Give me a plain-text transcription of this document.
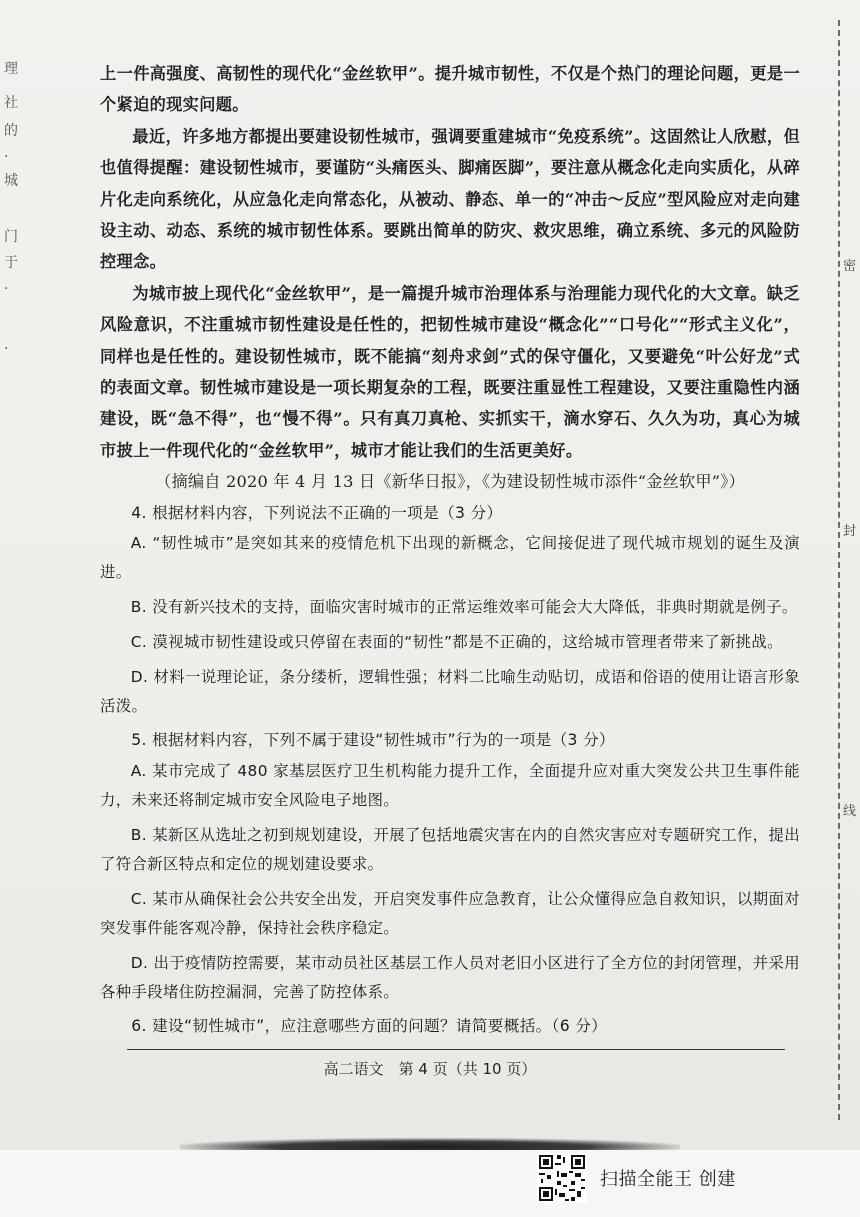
理
社
的
·
城
门
于
·
·
密
封
线

上一件高强度、高韧性的现代化“金丝软甲”。提升城市韧性，不仅是个热门的理论问题，更是一个紧迫的现实问题。

最近，许多地方都提出要建设韧性城市，强调要重建城市“免疫系统”。这固然让人欣慰，但也值得提醒：建设韧性城市，要谨防“头痛医头、脚痛医脚”，要注意从概念化走向实质化，从碎片化走向系统化，从应急化走向常态化，从被动、静态、单一的“冲击～反应”型风险应对走向建设主动、动态、系统的城市韧性体系。要跳出简单的防灾、救灾思维，确立系统、多元的风险防控理念。

为城市披上现代化“金丝软甲”，是一篇提升城市治理体系与治理能力现代化的大文章。缺乏风险意识，不注重城市韧性建设是任性的，把韧性城市建设“概念化”“口号化”“形式主义化”，同样也是任性的。建设韧性城市，既不能搞“刻舟求剑”式的保守僵化，又要避免“叶公好龙”式的表面文章。韧性城市建设是一项长期复杂的工程，既要注重显性工程建设，又要注重隐性内涵建设，既“急不得”，也“慢不得”。只有真刀真枪、实抓实干，滴水穿石、久久为功，真心为城市披上一件现代化的“金丝软甲”，城市才能让我们的生活更美好。

（摘编自 2020 年 4 月 13 日《新华日报》，《为建设韧性城市添件“金丝软甲”》）

4. 根据材料内容，下列说法不正确的一项是（3 分）

A. “韧性城市”是突如其来的疫情危机下出现的新概念，它间接促进了现代城市规划的诞生及演进。

B. 没有新兴技术的支持，面临灾害时城市的正常运维效率可能会大大降低，非典时期就是例子。

C. 漠视城市韧性建设或只停留在表面的“韧性”都是不正确的，这给城市管理者带来了新挑战。

D. 材料一说理论证，条分缕析，逻辑性强；材料二比喻生动贴切，成语和俗语的使用让语言形象活泼。

5. 根据材料内容，下列不属于建设“韧性城市”行为的一项是（3 分）

A. 某市完成了 480 家基层医疗卫生机构能力提升工作，全面提升应对重大突发公共卫生事件能力，未来还将制定城市安全风险电子地图。

B. 某新区从选址之初到规划建设，开展了包括地震灾害在内的自然灾害应对专题研究工作，提出了符合新区特点和定位的规划建设要求。

C. 某市从确保社会公共安全出发，开启突发事件应急教育，让公众懂得应急自救知识，以期面对突发事件能客观冷静，保持社会秩序稳定。

D. 出于疫情防控需要，某市动员社区基层工作人员对老旧小区进行了全方位的封闭管理，并采用各种手段堵住防控漏洞，完善了防控体系。

6. 建设“韧性城市”，应注意哪些方面的问题？请简要概括。（6 分）

高二语文　第 4 页（共 10 页）
扫描全能王 创建
